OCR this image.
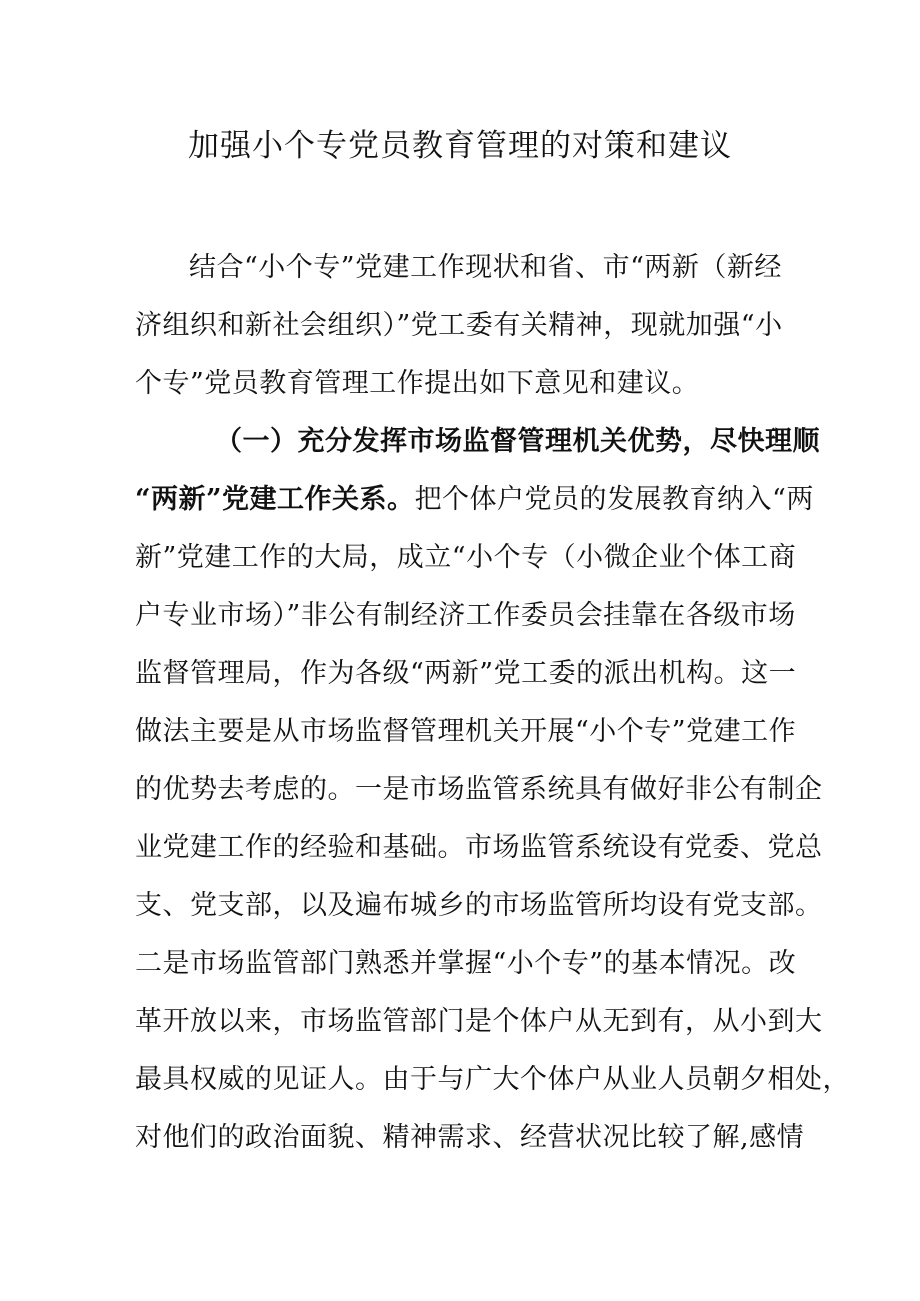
加强小个专党员教育管理的对策和建议
结合“小个专”党建工作现状和省、市“两新（新经
济组织和新社会组织）”党工委有关精神，现就加强“小
个专”党员教育管理工作提出如下意见和建议。
（一）充分发挥市场监督管理机关优势，尽快理顺
“两新”党建工作关系。把个体户党员的发展教育纳入“两
新”党建工作的大局，成立“小个专（小微企业个体工商
户专业市场）”非公有制经济工作委员会挂靠在各级市场
监督管理局，作为各级“两新”党工委的派出机构。这一
做法主要是从市场监督管理机关开展“小个专”党建工作
的优势去考虑的。一是市场监管系统具有做好非公有制企
业党建工作的经验和基础。市场监管系统设有党委、党总
支、党支部，以及遍布城乡的市场监管所均设有党支部。
二是市场监管部门熟悉并掌握“小个专”的基本情况。改
革开放以来，市场监管部门是个体户从无到有，从小到大
最具权威的见证人。由于与广大个体户从业人员朝夕相处，
对他们的政治面貌、精神需求、经营状况比较了解,感情
